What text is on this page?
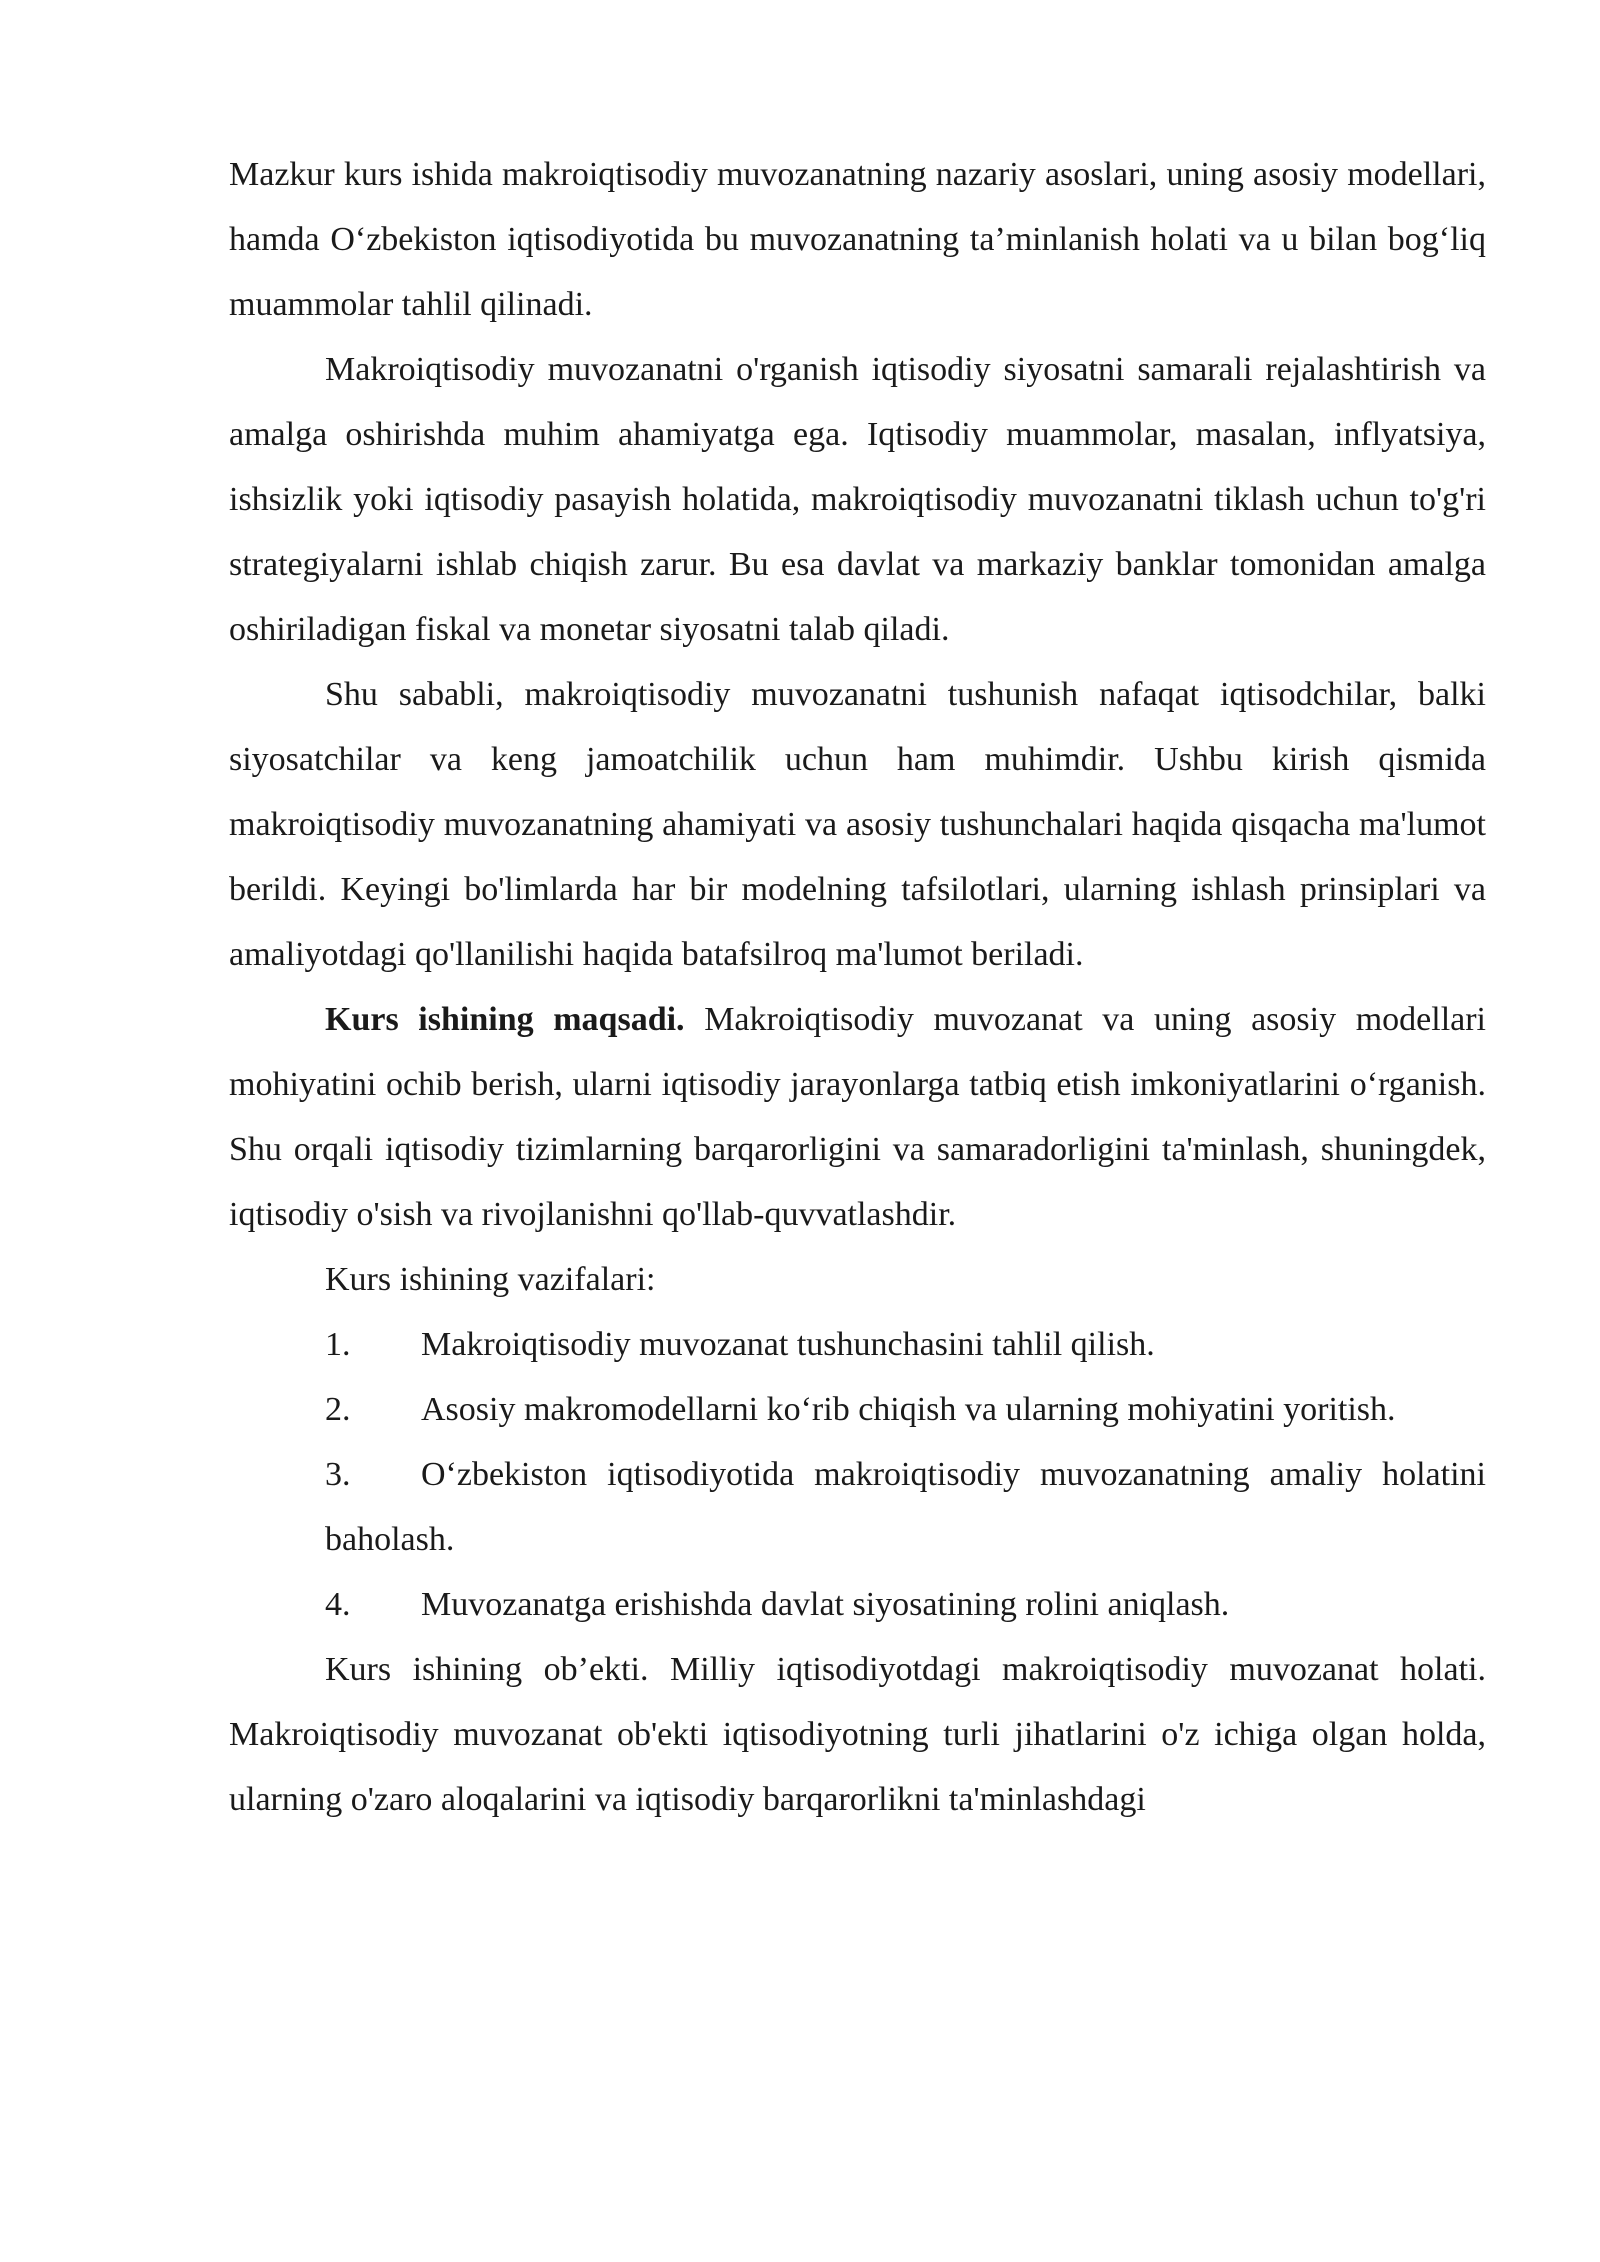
Mazkur kurs ishida makroiqtisodiy muvozanatning nazariy asoslari, uning asosiy modellari, hamda O‘zbekiston iqtisodiyotida bu muvozanatning ta’minlanish holati va u bilan bog‘liq muammolar tahlil qilinadi.

Makroiqtisodiy muvozanatni o'rganish iqtisodiy siyosatni samarali rejalashtirish va amalga oshirishda muhim ahamiyatga ega. Iqtisodiy muammolar, masalan, inflyatsiya, ishsizlik yoki iqtisodiy pasayish holatida, makroiqtisodiy muvozanatni tiklash uchun to'g'ri strategiyalarni ishlab chiqish zarur. Bu esa davlat va markaziy banklar tomonidan amalga oshiriladigan fiskal va monetar siyosatni talab qiladi.

Shu sababli, makroiqtisodiy muvozanatni tushunish nafaqat iqtisodchilar, balki siyosatchilar va keng jamoatchilik uchun ham muhimdir. Ushbu kirish qismida makroiqtisodiy muvozanatning ahamiyati va asosiy tushunchalari haqida qisqacha ma'lumot berildi. Keyingi bo'limlarda har bir modelning tafsilotlari, ularning ishlash prinsiplari va amaliyotdagi qo'llanilishi haqida batafsilroq ma'lumot beriladi.

Kurs ishining maqsadi. Makroiqtisodiy muvozanat va uning asosiy modellari mohiyatini ochib berish, ularni iqtisodiy jarayonlarga tatbiq etish imkoniyatlarini o‘rganish. Shu orqali iqtisodiy tizimlarning barqarorligini va samaradorligini ta'minlash, shuningdek, iqtisodiy o'sish va rivojlanishni qo'llab-quvvatlashdir.

Kurs ishining vazifalari:

1. Makroiqtisodiy muvozanat tushunchasini tahlil qilish.

2. Asosiy makromodellarni ko‘rib chiqish va ularning mohiyatini yoritish.

3. O‘zbekiston iqtisodiyotida makroiqtisodiy muvozanatning amaliy holatini baholash.

4. Muvozanatga erishishda davlat siyosatining rolini aniqlash.

Kurs ishining ob’ekti. Milliy iqtisodiyotdagi makroiqtisodiy muvozanat holati. Makroiqtisodiy muvozanat ob'ekti iqtisodiyotning turli jihatlarini o'z ichiga olgan holda, ularning o'zaro aloqalarini va iqtisodiy barqarorlikni ta'minlashdagi
